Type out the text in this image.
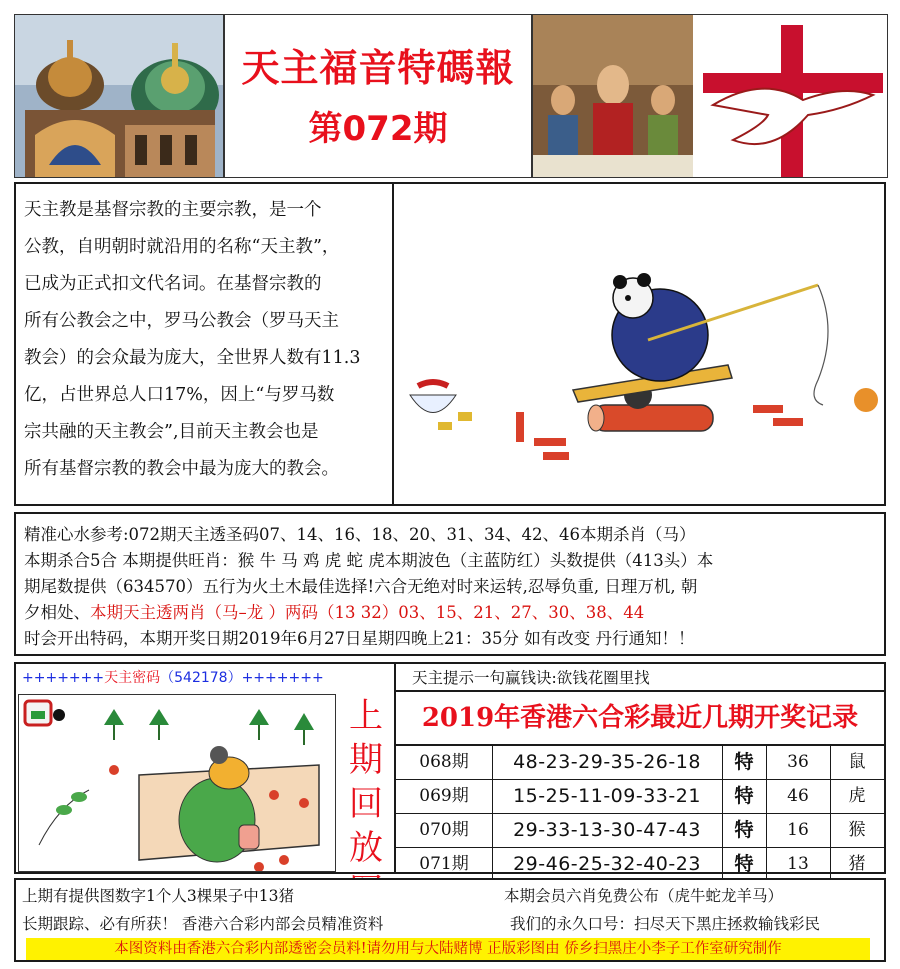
天主福音特碼報
第072期

天主教是基督宗教的主要宗教，是一个

公教，自明朝时就沿用的名称“天主教”，

已成为正式扣文代名词。在基督宗教的

所有公教会之中，罗马公教会（罗马天主

教会）的会众最为庞大，全世界人数有11.3

亿，占世界总人口17%，因上“与罗马数

宗共融的天主教会”,目前天主教会也是

所有基督宗教的教会中最为庞大的教会。

精准心水参考:072期天主透圣码07、14、16、18、20、31、34、42、46本期杀肖（马）

本期杀合5合 本期提供旺肖：猴 牛 马 鸡 虎 蛇 虎本期波色（主蓝防红）头数提供（413头）本

期尾数提供（634570）五行为火土木最佳选择!六合无绝对时来运转,忍辱负重, 日理万机, 朝

夕相处、本期天主透两肖（马–龙 ）两码（13 32）03、15、21、27、30、38、44

时会开出特码，本期开奖日期2019年6月27日星期四晚上21：35分 如有改变 丹行通知！！

+++++++天主密码（542178）+++++++	天主提示一句赢钱诀:欲钱花圈里找
上
期
回
放
2019年香港六合彩最近几期开奖记录
068期	48-23-29-35-26-18	特	36	鼠
069期	15-25-11-09-33-21	特	46	虎
070期	29-33-13-30-47-43	特	16	猴
071期	29-46-25-32-40-23	特	13	猪
上期有提供图数字1个人3棵果子中13猪	本期会员六肖免费公布（虎牛蛇龙羊马）
长期跟踪、必有所获！ 香港六合彩内部会员精准资料	我们的永久口号：扫尽天下黑庄拯救输钱彩民
本图资料由香港六合彩内部透密会员料!请勿用与大陆赌博 正版彩图由 侨乡扫黑庄小李子工作室研究制作
